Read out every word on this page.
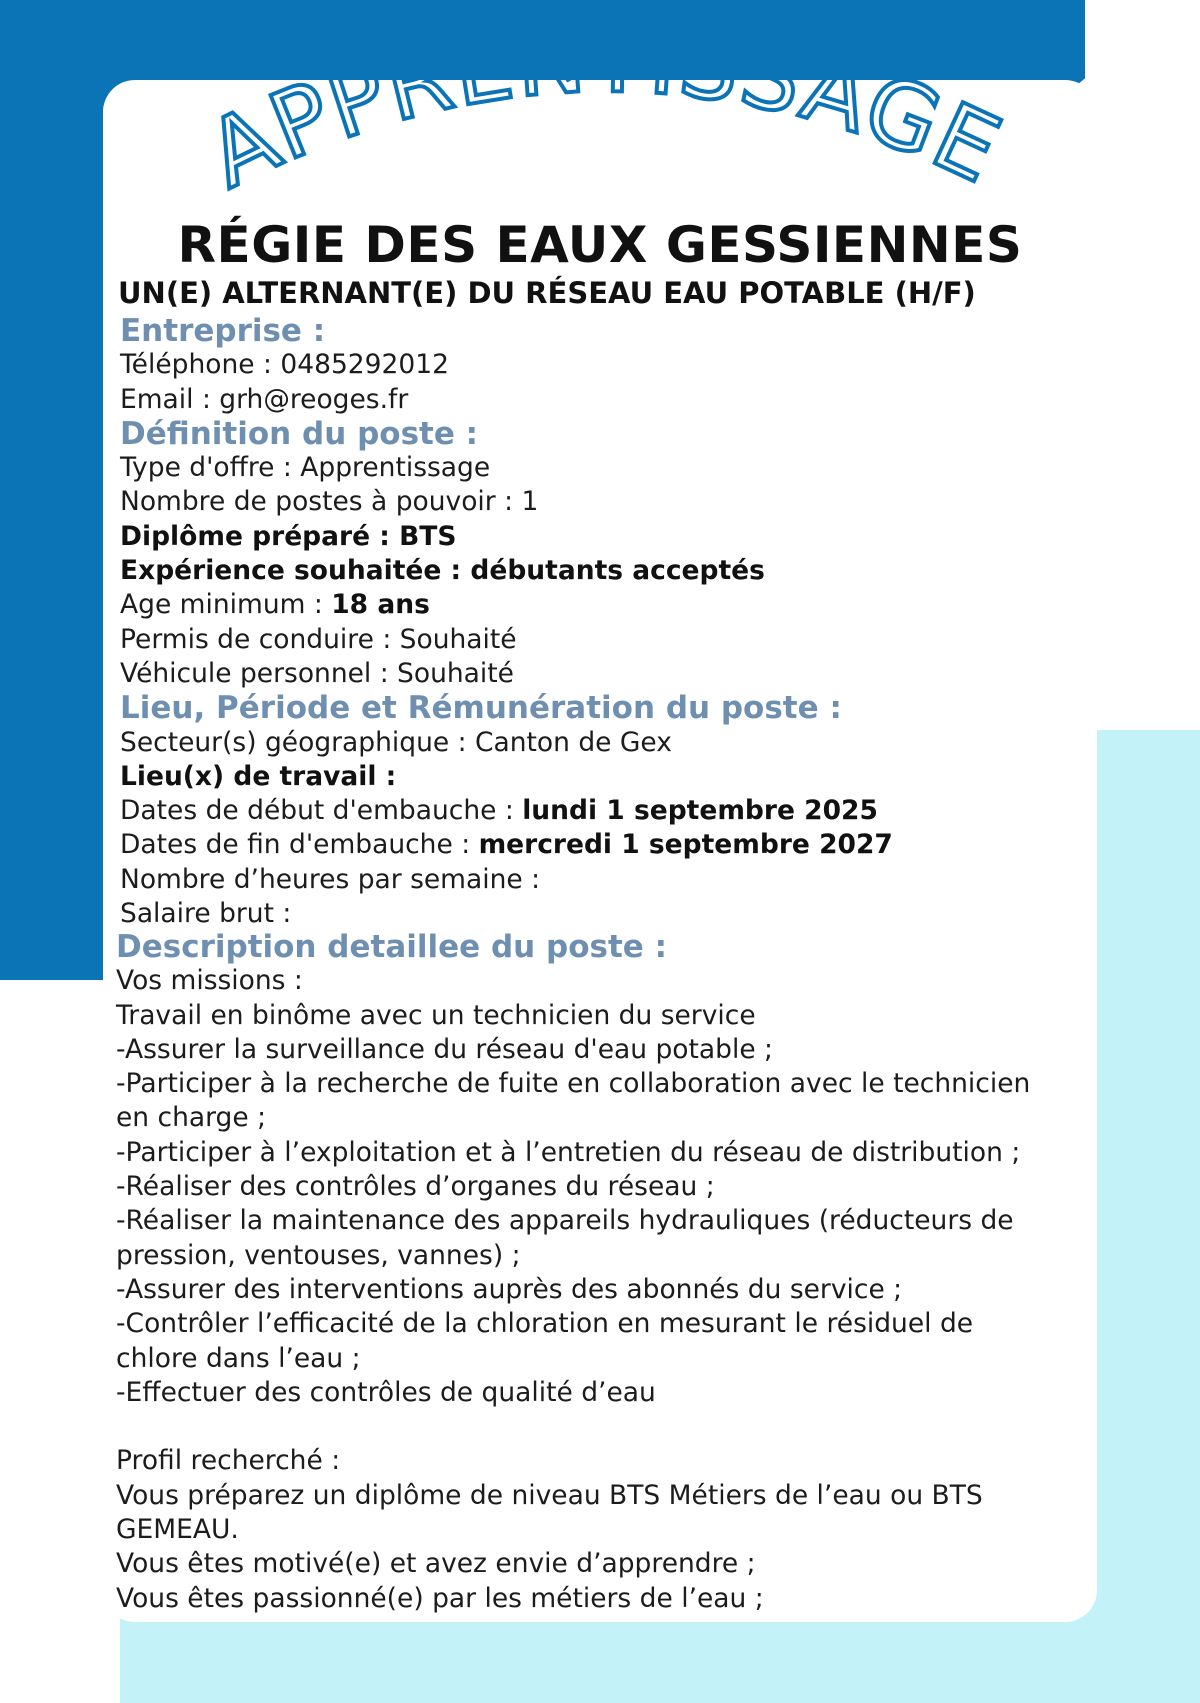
APPRENTISSAGE
RÉGIE DES EAUX GESSIENNES
UN(E) ALTERNANT(E) DU RÉSEAU EAU POTABLE (H/F)

Entreprise :

Téléphone : 0485292012

Email : grh@reoges.fr

Définition du poste :

Type d'offre : Apprentissage

Nombre de postes à pouvoir : 1

Diplôme préparé : BTS

Expérience souhaitée : débutants acceptés

Age minimum : 18 ans

Permis de conduire : Souhaité

Véhicule personnel : Souhaité

Lieu, Période et Rémunération du poste :

Secteur(s) géographique : Canton de Gex

Lieu(x) de travail :

Dates de début d'embauche : lundi 1 septembre 2025

Dates de fin d'embauche : mercredi 1 septembre 2027

Nombre d’heures par semaine :

Salaire brut :

Description detaillee du poste :

Vos missions :

Travail en binôme avec un technicien du service

-Assurer la surveillance du réseau d'eau potable ;

-Participer à la recherche de fuite en collaboration avec le technicien

en charge ;

-Participer à l’exploitation et à l’entretien du réseau de distribution ;

-Réaliser des contrôles d’organes du réseau ;

-Réaliser la maintenance des appareils hydrauliques (réducteurs de

pression, ventouses, vannes) ;

-Assurer des interventions auprès des abonnés du service ;

-Contrôler l’efficacité de la chloration en mesurant le résiduel de

chlore dans l’eau ;

-Effectuer des contrôles de qualité d’eau

Profil recherché :

Vous préparez un diplôme de niveau BTS Métiers de l’eau ou BTS

GEMEAU.

Vous êtes motivé(e) et avez envie d’apprendre ;

Vous êtes passionné(e) par les métiers de l’eau ;
